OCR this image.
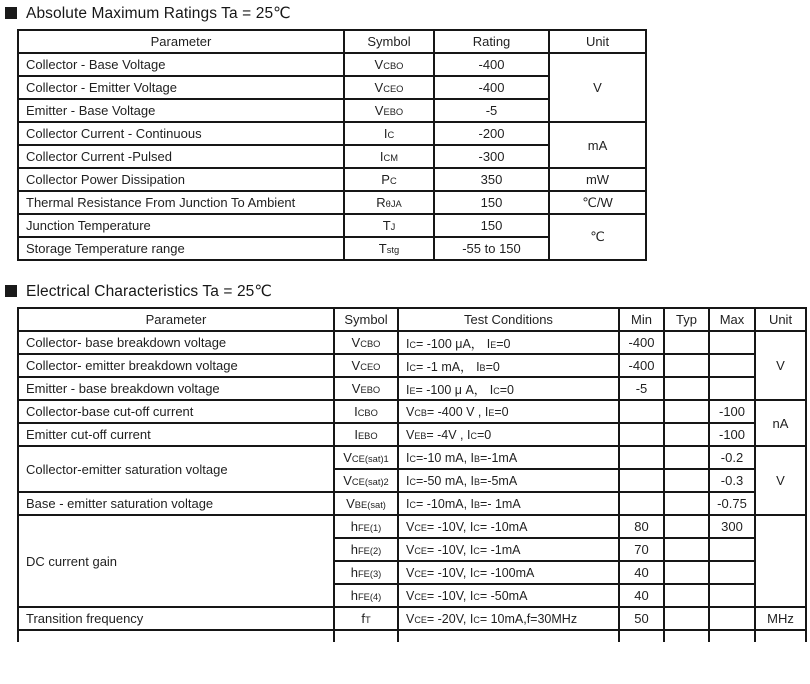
Absolute Maximum Ratings Ta = 25℃
Parameter	Symbol	Rating	Unit
Collector - Base Voltage	VCBO	-400	V
Collector - Emitter Voltage	VCEO	-400	
Emitter - Base Voltage	VEBO	-5	
Collector Current - Continuous	IC	-200	mA
Collector Current -Pulsed	ICM	-300	
Collector Power Dissipation	PC	350	mW
Thermal Resistance From Junction To Ambient	RθJA	150	℃/W
Junction Temperature	TJ	150	℃
Storage Temperature range	Tstg	-55 to 150	
Electrical Characteristics Ta = 25℃
Parameter	Symbol	Test Conditions	Min	Typ	Max	Unit
Collector- base breakdown voltage	VCBO	IC= -100 μA， IE=0	-400			V
Collector- emitter breakdown voltage	VCEO	IC= -1 mA， IB=0	-400			
Emitter - base breakdown voltage	VEBO	IE= -100 μ A， IC=0	-5			
Collector-base cut-off current	ICBO	VCB= -400 V , IE=0			-100	nA
Emitter cut-off current	IEBO	VEB= -4V , IC=0			-100	
Collector-emitter saturation voltage	VCE(sat)1	IC=-10 mA, IB=-1mA			-0.2	V
	VCE(sat)2	IC=-50 mA, IB=-5mA			-0.3	
Base - emitter saturation voltage	VBE(sat)	IC= -10mA, IB=- 1mA			-0.75	
DC current gain	hFE(1)	VCE= -10V, IC= -10mA	80		300	
	hFE(2)	VCE= -10V, IC= -1mA	70			
	hFE(3)	VCE= -10V, IC= -100mA	40			
	hFE(4)	VCE= -10V, IC= -50mA	40			
Transition frequency	fT	VCE= -20V, IC= 10mA,f=30MHz	50			MHz
